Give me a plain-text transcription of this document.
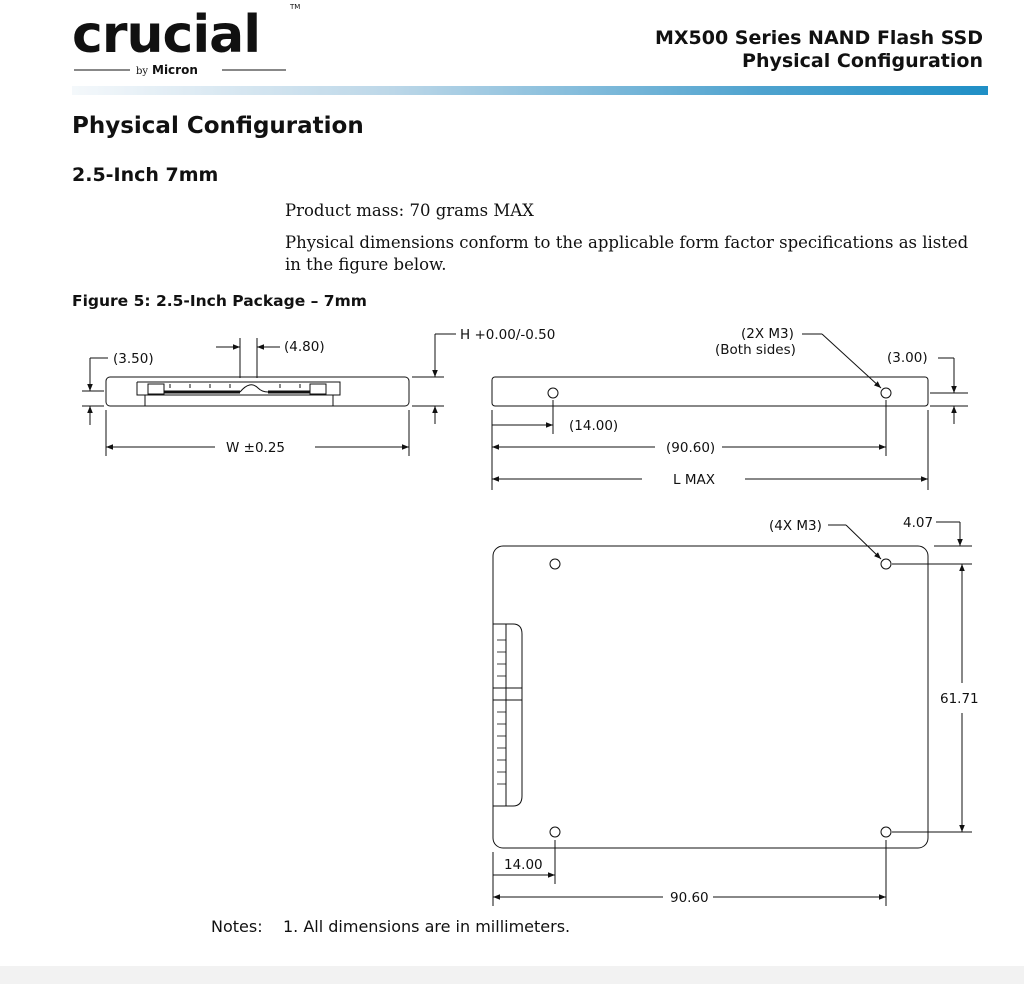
crucial	TM
by Micron
MX500 Series NAND Flash SSD
Physical Configuration
Physical Configuration
2.5-Inch 7mm
Product mass: 70 grams MAX
Physical dimensions conform to the applicable form factor specifications as listed in the figure below.
Figure 5: 2.5-Inch Package – 7mm
(3.50)
(4.80)
H +0.00/-0.50
W ±0.25
(2X M3)
(Both sides)	(3.00)
(14.00)
(90.60)
L MAX
(4X M3)	4.07
61.71
14.00
90.60
Notes: 1. All dimensions are in millimeters.
